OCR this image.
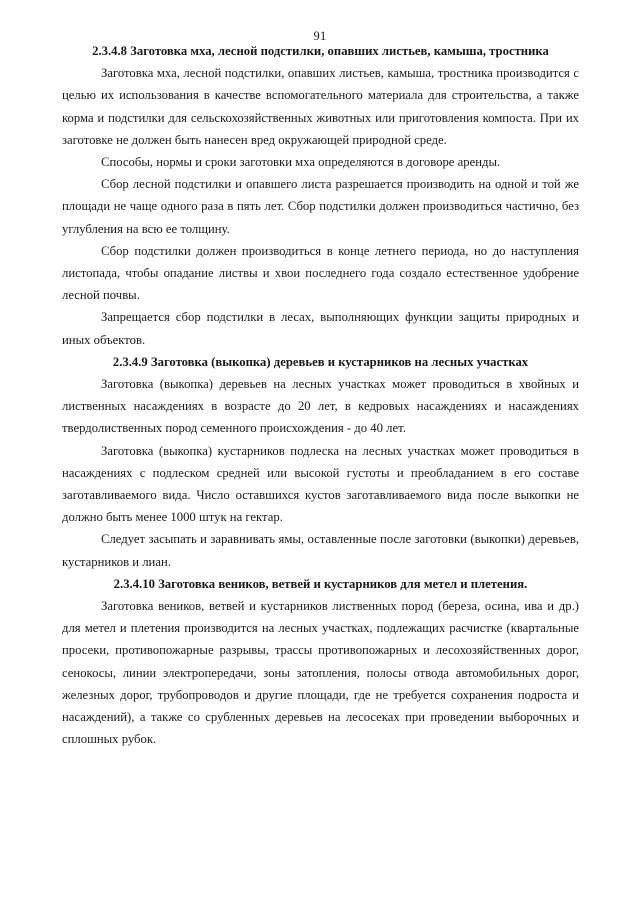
91

2.3.4.8 Заготовка мха, лесной подстилки, опавших листьев, камыша, тростника

Заготовка мха, лесной подстилки, опавших листьев, камыша, тростника производится с целью их использования в качестве вспомогательного материала для строительства, а также корма и подстилки для сельскохозяйственных животных или приготовления компоста. При их заготовке не должен быть нанесен вред окружающей природной среде.

Способы, нормы и сроки заготовки мха определяются в договоре аренды.

Сбор лесной подстилки и опавшего листа разрешается производить на одной и той же площади не чаще одного раза в пять лет. Сбор подстилки должен производиться частично, без углубления на всю ее толщину.

Сбор подстилки должен производиться в конце летнего периода, но до наступления листопада, чтобы опадание листвы и хвои последнего года создало естественное удобрение лесной почвы.

Запрещается сбор подстилки в лесах, выполняющих функции защиты природных и иных объектов.

2.3.4.9 Заготовка (выкопка) деревьев и кустарников на лесных участках

Заготовка (выкопка) деревьев на лесных участках может проводиться в хвойных и лиственных насаждениях в возрасте до 20 лет, в кедровых насаждениях и насаждениях твердолиственных пород семенного происхождения - до 40 лет.

Заготовка (выкопка) кустарников подлеска на лесных участках может проводиться в насаждениях с подлеском средней или высокой густоты и преобладанием в его составе заготавливаемого вида. Число оставшихся кустов заготавливаемого вида после выкопки не должно быть менее 1000 штук на гектар.

Следует засыпать и заравнивать ямы, оставленные после заготовки (выкопки) деревьев, кустарников и лиан.

2.3.4.10 Заготовка веников, ветвей и кустарников для метел и плетения.

Заготовка веников, ветвей и кустарников лиственных пород (береза, осина, ива и др.) для метел и плетения производится на лесных участках, подлежащих расчистке (квартальные просеки, противопожарные разрывы, трассы противопожарных и лесохозяйственных дорог, сенокосы, линии электропередачи, зоны затопления, полосы отвода автомобильных дорог, железных дорог, трубопроводов и другие площади, где не требуется сохранения подроста и насаждений), а также со срубленных деревьев на лесосеках при проведении выборочных и сплошных рубок.
